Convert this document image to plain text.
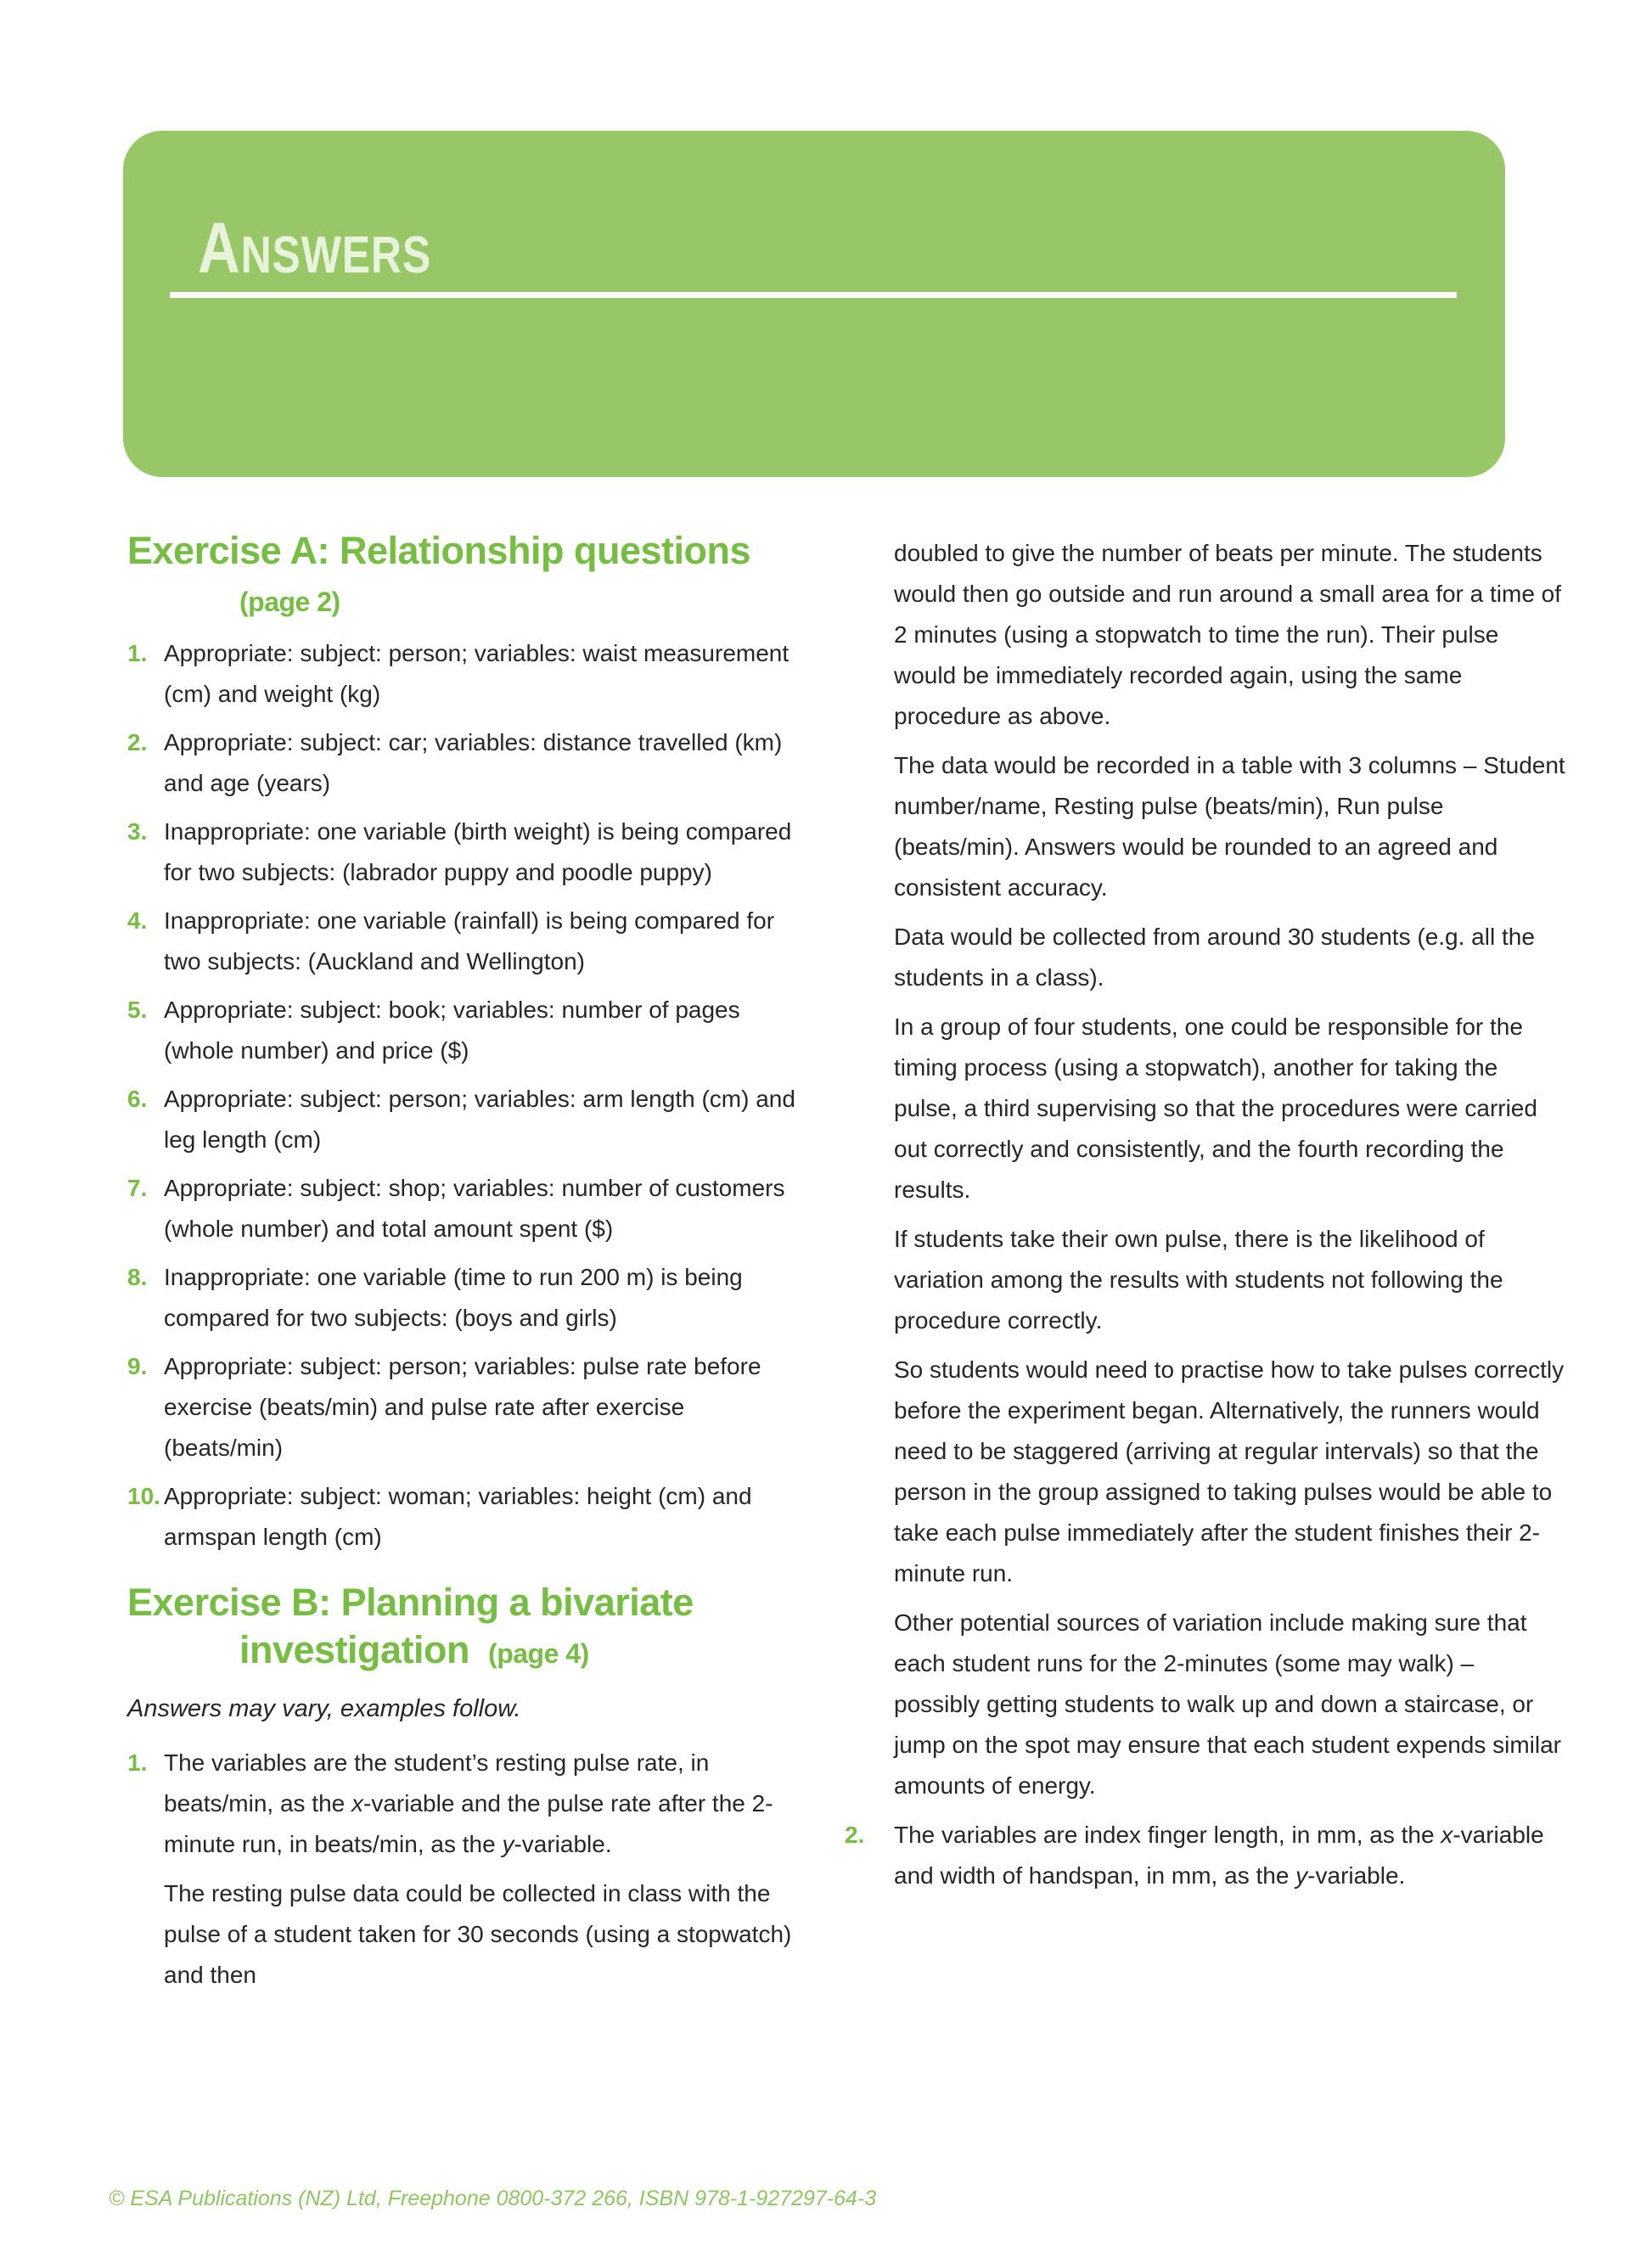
ANSWERS
Exercise A: Relationship questions
(page 2)
1. Appropriate: subject: person; variables: waist measurement (cm) and weight (kg)
2. Appropriate: subject: car; variables: distance travelled (km) and age (years)
3. Inappropriate: one variable (birth weight) is being compared for two subjects: (labrador puppy and poodle puppy)
4. Inappropriate: one variable (rainfall) is being compared for two subjects: (Auckland and Wellington)
5. Appropriate: subject: book; variables: number of pages (whole number) and price ($)
6. Appropriate: subject: person; variables: arm length (cm) and leg length (cm)
7. Appropriate: subject: shop; variables: number of customers (whole number) and total amount spent ($)
8. Inappropriate: one variable (time to run 200 m) is being compared for two subjects: (boys and girls)
9. Appropriate: subject: person; variables: pulse rate before exercise (beats/min) and pulse rate after exercise (beats/min)
10. Appropriate: subject: woman; variables: height (cm) and armspan length (cm)
Exercise B: Planning a bivariate
investigation (page 4)
Answers may vary, examples follow.
1. The variables are the student’s resting pulse rate, in beats/min, as the x-variable and the pulse rate after the 2-minute run, in beats/min, as the y-variable.

The resting pulse data could be collected in class with the pulse of a student taken for 30 seconds (using a stopwatch) and then

doubled to give the number of beats per minute. The students would then go outside and run around a small area for a time of 2 minutes (using a stopwatch to time the run). Their pulse would be immediately recorded again, using the same procedure as above.

The data would be recorded in a table with 3 columns – Student number/name, Resting pulse (beats/min), Run pulse (beats/min). Answers would be rounded to an agreed and consistent accuracy.

Data would be collected from around 30 students (e.g. all the students in a class).

In a group of four students, one could be responsible for the timing process (using a stopwatch), another for taking the pulse, a third supervising so that the procedures were carried out correctly and consistently, and the fourth recording the results.

If students take their own pulse, there is the likelihood of variation among the results with students not following the procedure correctly.

So students would need to practise how to take pulses correctly before the experiment began. Alternatively, the runners would need to be staggered (arriving at regular intervals) so that the person in the group assigned to taking pulses would be able to take each pulse immediately after the student finishes their 2-minute run.

Other potential sources of variation include making sure that each student runs for the 2-minutes (some may walk) – possibly getting students to walk up and down a staircase, or jump on the spot may ensure that each student expends similar amounts of energy.

2.	The variables are index finger length, in mm, as the x-variable and width of handspan, in mm, as the y-variable.
© ESA Publications (NZ) Ltd, Freephone 0800-372 266, ISBN 978-1-927297-64-3
